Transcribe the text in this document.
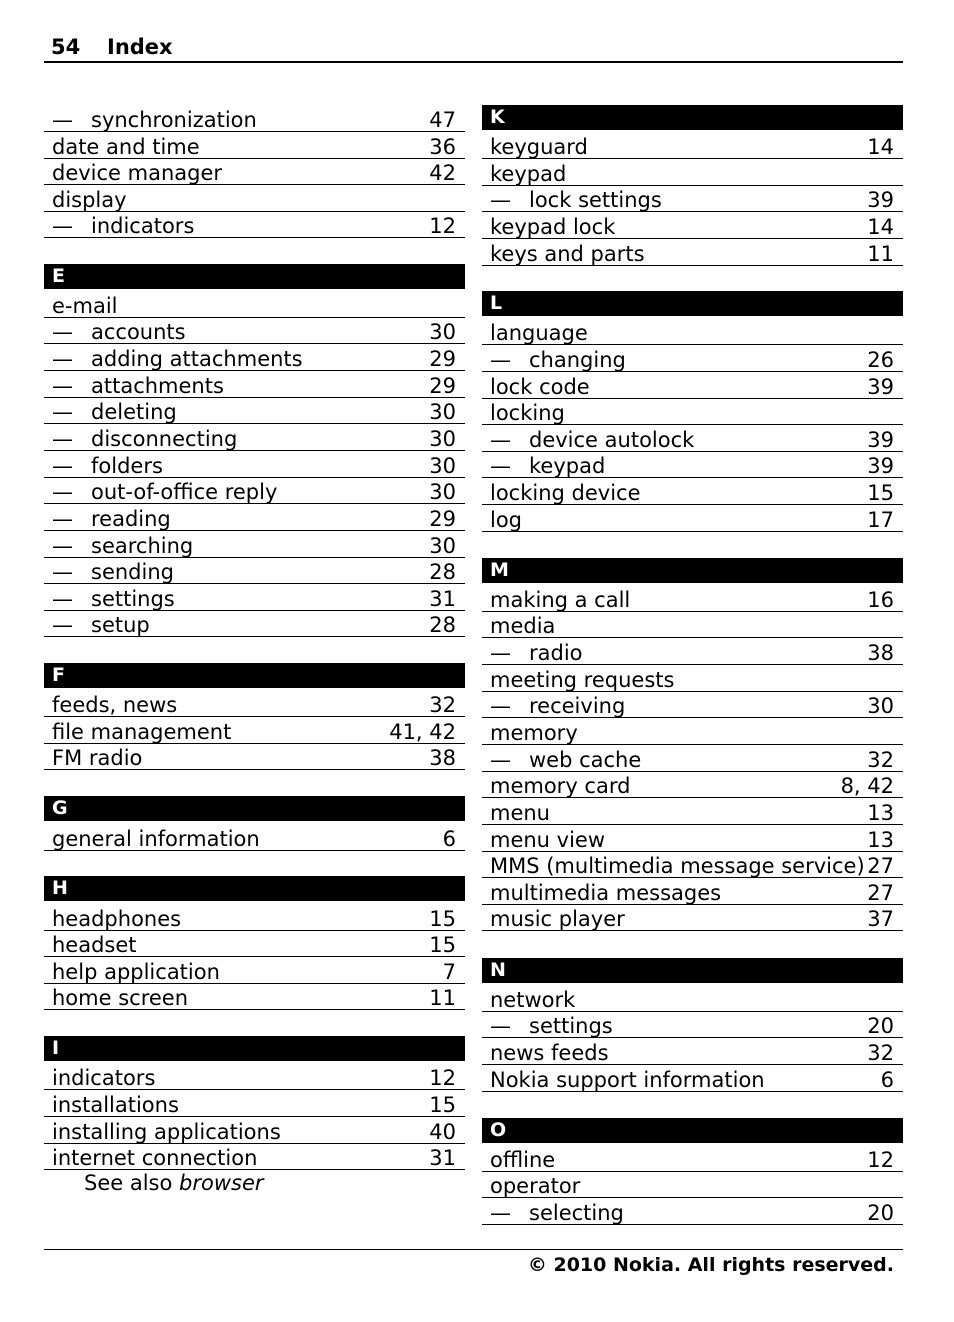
54 Index
— synchronization	47
date and time	36
device manager	42
display
— indicators	12
E
e-mail
— accounts	30
— adding attachments	29
— attachments	29
— deleting	30
— disconnecting	30
— folders	30
— out-of-office reply	30
— reading	29
— searching	30
— sending	28
— settings	31
— setup	28
F
feeds, news	32
file management	41, 42
FM radio	38
G
general information	6
H
headphones	15
headset	15
help application	7
home screen	11
I
indicators	12
installations	15
installing applications	40
internet connection	31
K
keyguard	14
keypad
— lock settings	39
keypad lock	14
keys and parts	11
L
language
— changing	26
lock code	39
locking
— device autolock	39
— keypad	39
locking device	15
log	17
M
making a call	16
media
— radio	38
meeting requests
— receiving	30
memory
— web cache	32
memory card	8, 42
menu	13
menu view	13
MMS (multimedia message service) 27
multimedia messages	27
music player	37
N
network
— settings	20
news feeds	32
Nokia support information	6
O
offline	12
operator
— selecting	20
See also browser
© 2010 Nokia. All rights reserved.
